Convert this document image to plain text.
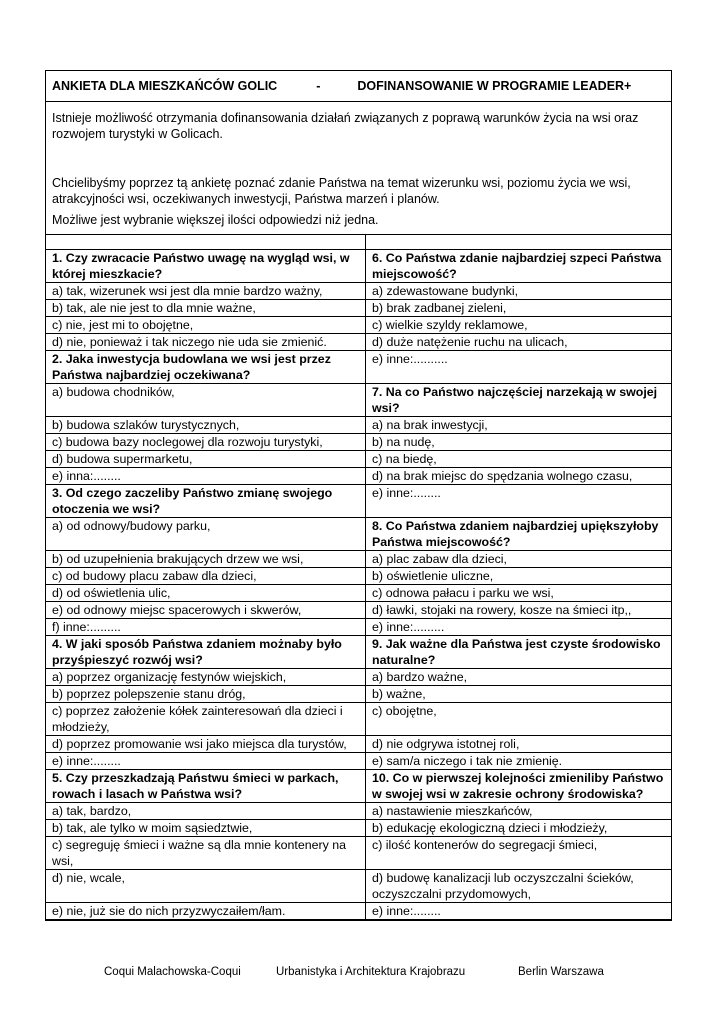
ANKIETA DLA MIESZKAŃCÓW GOLIC	-	DOFINANSOWANIE W PROGRAMIE LEADER+

Istnieje możliwość otrzymania dofinansowania działań związanych z poprawą warunków życia na wsi oraz rozwojem turystyki w Golicach.

Chcielibyśmy poprzez tą ankietę poznać zdanie Państwa na temat wizerunku wsi, poziomu życia we wsi, atrakcyjności wsi, oczekiwanych inwestycji, Państwa marzeń i planów.

Możliwe jest wybranie większej ilości odpowiedzi niż jedna.

1. Czy zwracacie Państwo uwagę na wygląd wsi, w której mieszkacie?	6. Co Państwa zdanie najbardziej szpeci Państwa miejscowość?
a) tak, wizerunek wsi jest dla mnie bardzo ważny,	a) zdewastowane budynki,
b) tak, ale nie jest to dla mnie ważne,	b) brak zadbanej zieleni,
c) nie, jest mi to obojętne,	c) wielkie szyldy reklamowe,
d) nie, ponieważ i tak niczego nie uda sie zmienić.	d) duże natężenie ruchu na ulicach,
2. Jaka inwestycja budowlana we wsi jest przez Państwa najbardziej oczekiwana?	e) inne:..........
a) budowa chodników,	7. Na co Państwo najczęściej narzekają w swojej wsi?
b) budowa szlaków turystycznych,	a) na brak inwestycji,
c) budowa bazy noclegowej dla rozwoju turystyki,	b) na nudę,
d) budowa supermarketu,	c) na biedę,
e) inna:........	d) na brak miejsc do spędzania wolnego czasu,
3. Od czego zaczeliby Państwo zmianę swojego otoczenia we wsi?	e) inne:........
a) od odnowy/budowy parku,	8. Co Państwa zdaniem najbardziej upiększyłoby Państwa miejscowość?
b) od uzupełnienia brakujących drzew we wsi,	a) plac zabaw dla dzieci,
c) od budowy placu zabaw dla dzieci,	b) oświetlenie uliczne,
d) od oświetlenia ulic,	c) odnowa pałacu i parku we wsi,
e) od odnowy miejsc spacerowych i skwerów,	d) ławki, stojaki na rowery, kosze na śmieci itp,,
f) inne:.........	e) inne:.........
4. W jaki sposób Państwa zdaniem możnaby było przyśpieszyć rozwój wsi?	9. Jak ważne dla Państwa jest czyste środowisko naturalne?
a) poprzez organizację festynów wiejskich,	a) bardzo ważne,
b) poprzez polepszenie stanu dróg,	b) ważne,
c) poprzez założenie kółek zainteresowań dla dzieci i młodzieży,	c) obojętne,
d) poprzez promowanie wsi jako miejsca dla turystów,	d) nie odgrywa istotnej roli,
e) inne:........	e) sam/a niczego i tak nie zmienię.
5. Czy przeszkadzają Państwu śmieci w parkach, rowach i lasach w Państwa wsi?	10. Co w pierwszej kolejności zmieniliby Państwo w swojej wsi w zakresie ochrony środowiska?
a) tak, bardzo,	a) nastawienie mieszkańców,
b) tak, ale tylko w moim sąsiedztwie,	b) edukację ekologiczną dzieci i młodzieży,
c) segreguję śmieci i ważne są dla mnie kontenery na wsi,	c) ilość kontenerów do segregacji śmieci,
d) nie, wcale,	d) budowę kanalizacji lub oczyszczalni ścieków, oczyszczalni przydomowych,
e) nie, już sie do nich przyzwyczaiłem/łam.	e) inne:........
Coqui Malachowska-Coqui	Urbanistyka i Architektura Krajobrazu	Berlin Warszawa
